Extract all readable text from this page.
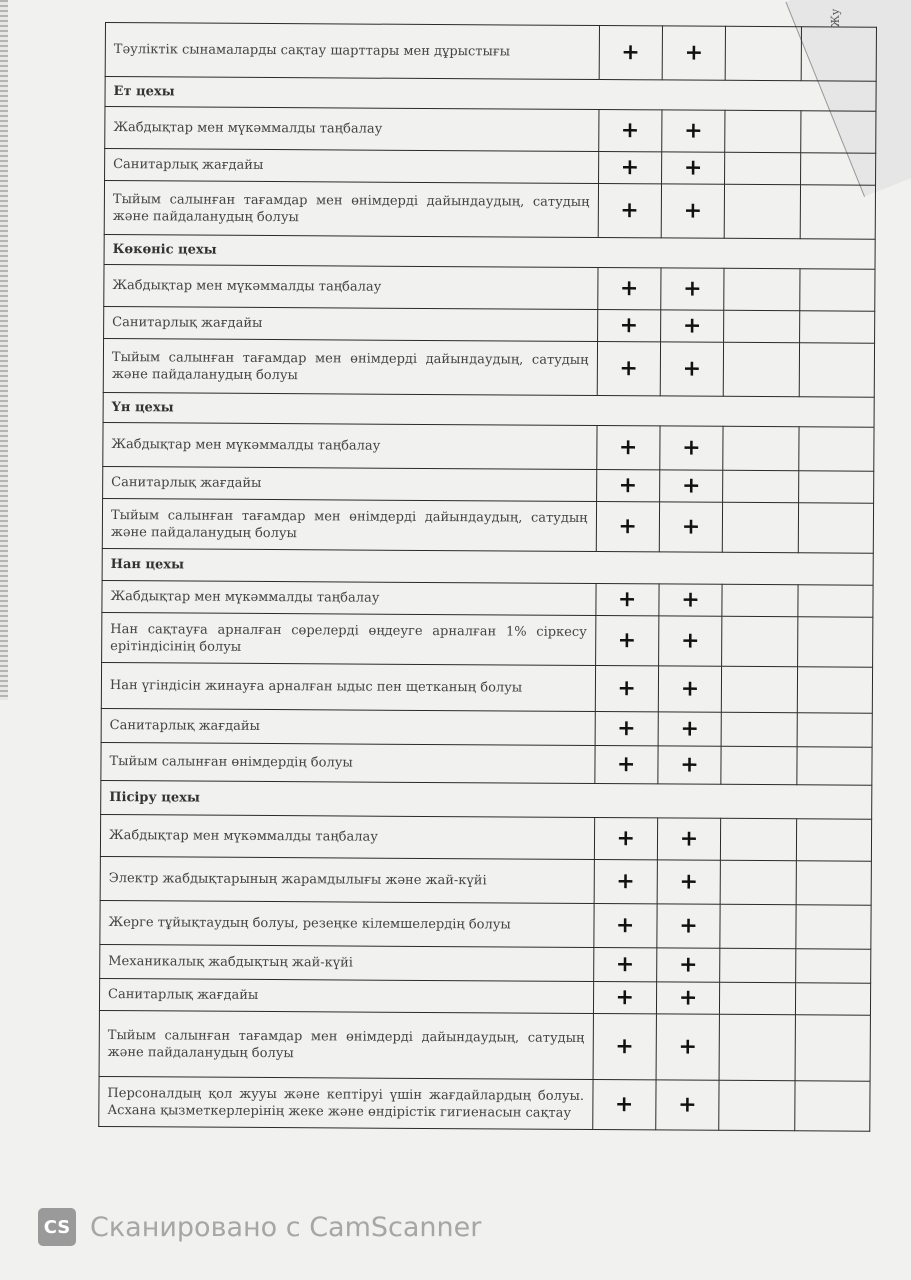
Жу
Тәуліктік сынамаларды сақтау шарттары мен дұрыстығы	+	+		
Ет цехы				
Жабдықтар мен мүкәммалды таңбалау	+	+		
Санитарлық жағдайы	+	+		
Тыйым салынған тағамдар мен өнімдерді дайындаудың, сатудың және пайдаланудың болуы	+	+		
Көкөніс цехы				
Жабдықтар мен мүкәммалды таңбалау	+	+		
Санитарлық жағдайы	+	+		
Тыйым салынған тағамдар мен өнімдерді дайындаудың, сатудың және пайдаланудың болуы	+	+		
Үн цехы				
Жабдықтар мен мүкәммалды таңбалау	+	+		
Санитарлық жағдайы	+	+		
Тыйым салынған тағамдар мен өнімдерді дайындаудың, сатудың және пайдаланудың болуы	+	+		
Нан цехы				
Жабдықтар мен мүкәммалды таңбалау	+	+		
Нан сақтауға арналған сөрелерді өңдеуге арналған 1% сіркесу ерітіндісінің болуы	+	+		
Нан үгіндісін жинауға арналған ыдыс пен щетканың болуы	+	+		
Санитарлық жағдайы	+	+		
Тыйым салынған өнімдердің болуы	+	+		
Пісіру цехы				
Жабдықтар мен мүкәммалды таңбалау	+	+		
Электр жабдықтарының жарамдылығы және жай-күйі	+	+		
Жерге тұйықтаудың болуы, резеңке кілемшелердің болуы	+	+		
Механикалық жабдықтың жай-күйі	+	+		
Санитарлық жағдайы	+	+		
Тыйым салынған тағамдар мен өнімдерді дайындаудың, сатудың және пайдаланудың болуы	+	+		
Персоналдың қол жууы және кептіруі үшін жағдайлардың болуы. Асхана қызметкерлерінің жеке және өндірістік гигиенасын сақтау	+	+		
CS Сканировано с CamScanner
